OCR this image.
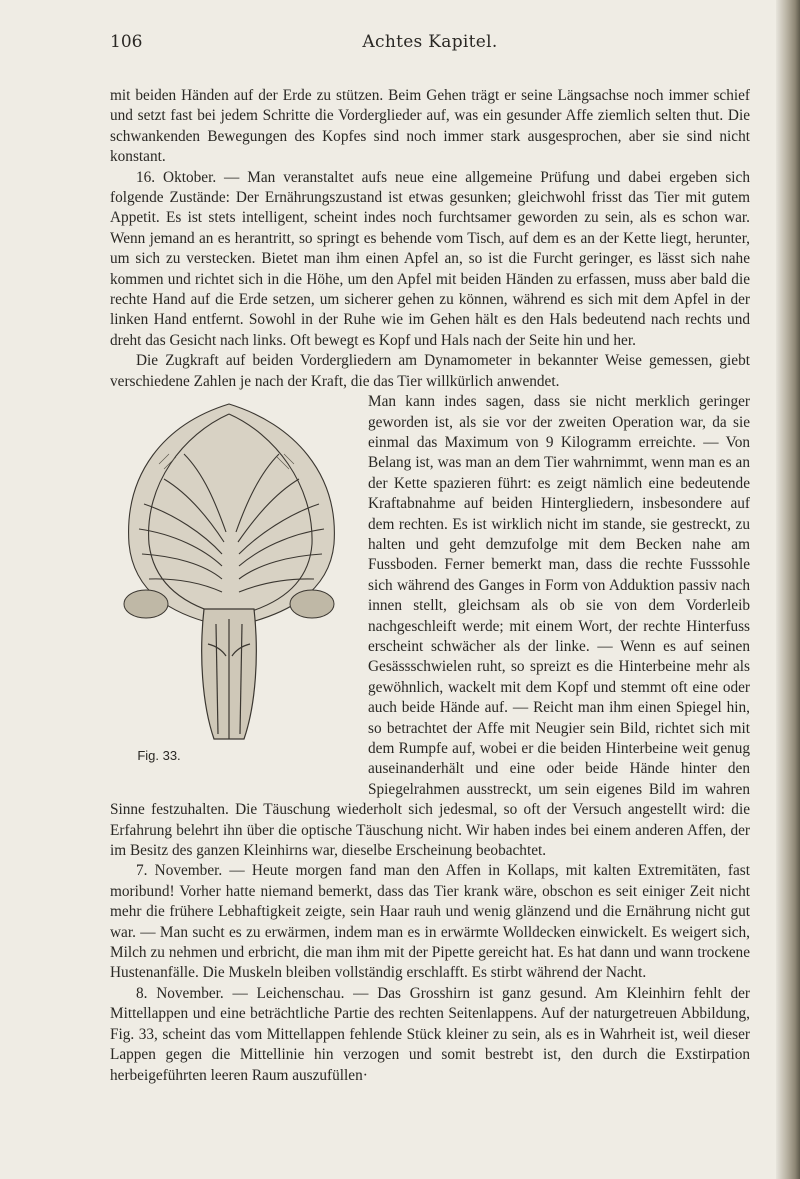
106	Achtes Kapitel.

mit beiden Händen auf der Erde zu stützen. Beim Gehen trägt er seine Längsachse noch immer schief und setzt fast bei jedem Schritte die Vorderglieder auf, was ein gesunder Affe ziemlich selten thut. Die schwankenden Bewegungen des Kopfes sind noch immer stark ausgesprochen, aber sie sind nicht konstant.

16. Oktober. — Man veranstaltet aufs neue eine allgemeine Prüfung und dabei ergeben sich folgende Zustände: Der Ernährungszustand ist etwas gesunken; gleichwohl frisst das Tier mit gutem Appetit. Es ist stets intelligent, scheint indes noch furchtsamer geworden zu sein, als es schon war. Wenn jemand an es herantritt, so springt es behende vom Tisch, auf dem es an der Kette liegt, herunter, um sich zu verstecken. Bietet man ihm einen Apfel an, so ist die Furcht geringer, es lässt sich nahe kommen und richtet sich in die Höhe, um den Apfel mit beiden Händen zu erfassen, muss aber bald die rechte Hand auf die Erde setzen, um sicherer gehen zu können, während es sich mit dem Apfel in der linken Hand entfernt. Sowohl in der Ruhe wie im Gehen hält es den Hals bedeutend nach rechts und dreht das Gesicht nach links. Oft bewegt es Kopf und Hals nach der Seite hin und her.

Die Zugkraft auf beiden Vordergliedern am Dynamometer in bekannter Weise gemessen, giebt verschiedene Zahlen je nach der Kraft, die das Tier willkürlich anwendet.

Fig. 33.

Man kann indes sagen, dass sie nicht merklich geringer geworden ist, als sie vor der zweiten Operation war, da sie einmal das Maximum von 9 Kilogramm erreichte. — Von Belang ist, was man an dem Tier wahrnimmt, wenn man es an der Kette spazieren führt: es zeigt nämlich eine bedeutende Kraftabnahme auf beiden Hintergliedern, insbesondere auf dem rechten. Es ist wirklich nicht im stande, sie gestreckt, zu halten und geht demzufolge mit dem Becken nahe am Fussboden. Ferner bemerkt man, dass die rechte Fusssohle sich während des Ganges in Form von Adduktion passiv nach innen stellt, gleichsam als ob sie von dem Vorderleib nachgeschleift werde; mit einem Wort, der rechte Hinterfuss erscheint schwächer als der linke. — Wenn es auf seinen Gesässschwielen ruht, so spreizt es die Hinterbeine mehr als gewöhnlich, wackelt mit dem Kopf und stemmt oft eine oder auch beide Hände auf. — Reicht man ihm einen Spiegel hin, so betrachtet der Affe mit Neugier sein Bild, richtet sich mit dem Rumpfe auf, wobei er die beiden Hinterbeine weit genug auseinanderhält und eine oder beide Hände hinter den Spiegelrahmen ausstreckt, um sein eigenes Bild im wahren Sinne festzuhalten. Die Täuschung wiederholt sich jedesmal, so oft der Versuch angestellt wird: die Erfahrung belehrt ihn über die optische Täuschung nicht. Wir haben indes bei einem anderen Affen, der im Besitz des ganzen Kleinhirns war, dieselbe Erscheinung beobachtet.

7. November. — Heute morgen fand man den Affen in Kollaps, mit kalten Extremitäten, fast moribund! Vorher hatte niemand bemerkt, dass das Tier krank wäre, obschon es seit einiger Zeit nicht mehr die frühere Lebhaftigkeit zeigte, sein Haar rauh und wenig glänzend und die Ernährung nicht gut war. — Man sucht es zu erwärmen, indem man es in erwärmte Wolldecken einwickelt. Es weigert sich, Milch zu nehmen und erbricht, die man ihm mit der Pipette gereicht hat. Es hat dann und wann trockene Hustenanfälle. Die Muskeln bleiben vollständig erschlafft. Es stirbt während der Nacht.

8. November. — Leichenschau. — Das Grosshirn ist ganz gesund. Am Kleinhirn fehlt der Mittellappen und eine beträchtliche Partie des rechten Seitenlappens. Auf der naturgetreuen Abbildung, Fig. 33, scheint das vom Mittellappen fehlende Stück kleiner zu sein, als es in Wahrheit ist, weil dieser Lappen gegen die Mittellinie hin verzogen und somit bestrebt ist, den durch die Exstirpation herbeigeführten leeren Raum auszufüllen·
